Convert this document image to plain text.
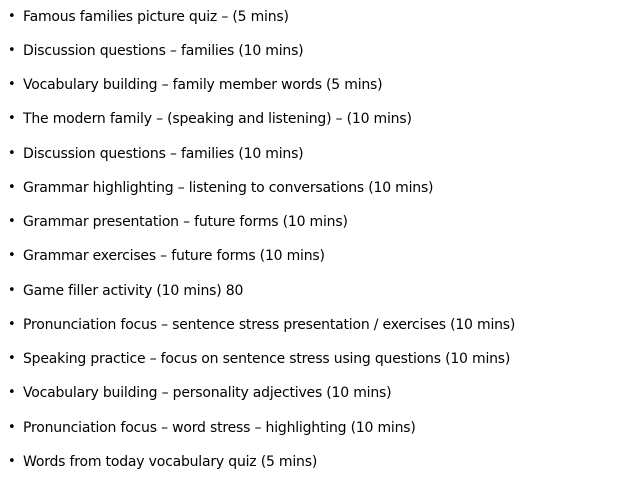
• Famous families picture quiz – (5 mins)
• Discussion questions – families (10 mins)
• Vocabulary building – family member words (5 mins)
• The modern family – (speaking and listening) – (10 mins)
• Discussion questions – families (10 mins)
• Grammar highlighting – listening to conversations (10 mins)
• Grammar presentation – future forms (10 mins)
• Grammar exercises – future forms (10 mins)
• Game filler activity (10 mins) 80
• Pronunciation focus – sentence stress presentation / exercises (10 mins)
• Speaking practice – focus on sentence stress using questions (10 mins)
• Vocabulary building – personality adjectives (10 mins)
• Pronunciation focus – word stress – highlighting (10 mins)
• Words from today vocabulary quiz (5 mins)
